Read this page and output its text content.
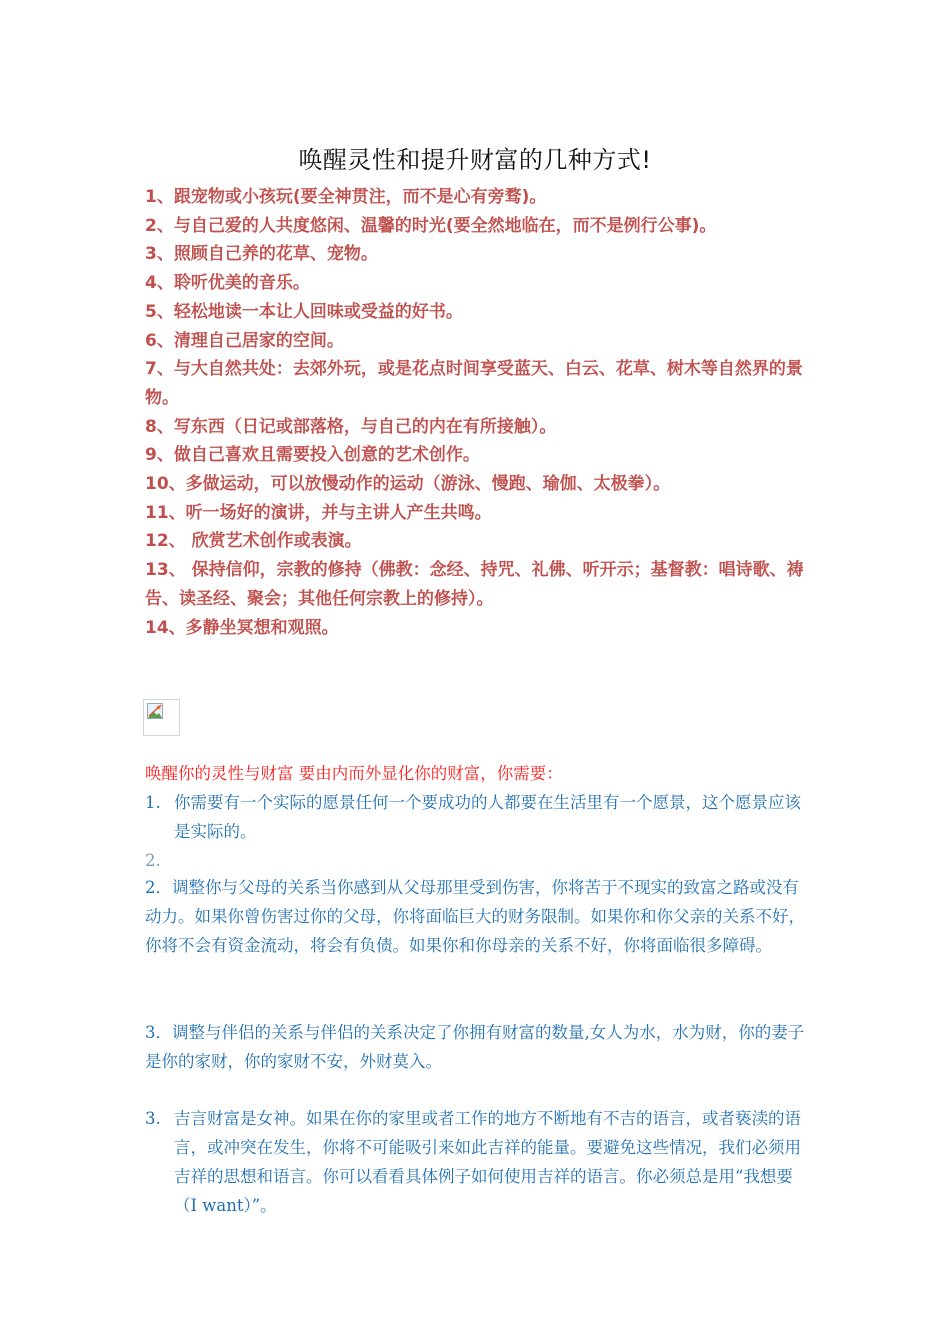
唤醒灵性和提升财富的几种方式!

1、跟宠物或小孩玩(要全神贯注，而不是心有旁骛)。

2、与自己爱的人共度悠闲、温馨的时光(要全然地临在，而不是例行公事)。

3、照顾自己养的花草、宠物。

4、聆听优美的音乐。

5、轻松地读一本让人回味或受益的好书。

6、清理自己居家的空间。

7、与大自然共处：去郊外玩，或是花点时间享受蓝天、白云、花草、树木等自然界的景物。

8、写东西（日记或部落格，与自己的内在有所接触）。

9、做自己喜欢且需要投入创意的艺术创作。

10、多做运动，可以放慢动作的运动（游泳、慢跑、瑜伽、太极拳）。

11、听一场好的演讲，并与主讲人产生共鸣。

12、 欣赏艺术创作或表演。

13、 保持信仰，宗教的修持（佛教：念经、持咒、礼佛、听开示；基督教：唱诗歌、祷告、读圣经、聚会；其他任何宗教上的修持）。

14、多静坐冥想和观照。

唤醒你的灵性与财富 要由内而外显化你的财富，你需要：

1. 你需要有一个实际的愿景任何一个要成功的人都要在生活里有一个愿景，这个愿景应该是实际的。
2.

2．调整你与父母的关系当你感到从父母那里受到伤害，你将苦于不现实的致富之路或没有动力。如果你曾伤害过你的父母，你将面临巨大的财务限制。如果你和你父亲的关系不好，你将不会有资金流动，将会有负债。如果你和你母亲的关系不好，你将面临很多障碍。

3．调整与伴侣的关系与伴侣的关系决定了你拥有财富的数量,女人为水，水为财，你的妻子是你的家财，你的家财不安，外财莫入。

3. 吉言财富是女神。如果在你的家里或者工作的地方不断地有不吉的语言，或者亵渎的语言，或冲突在发生，你将不可能吸引来如此吉祥的能量。要避免这些情况，我们必须用吉祥的思想和语言。你可以看看具体例子如何使用吉祥的语言。你必须总是用“我想要（I want）”。
